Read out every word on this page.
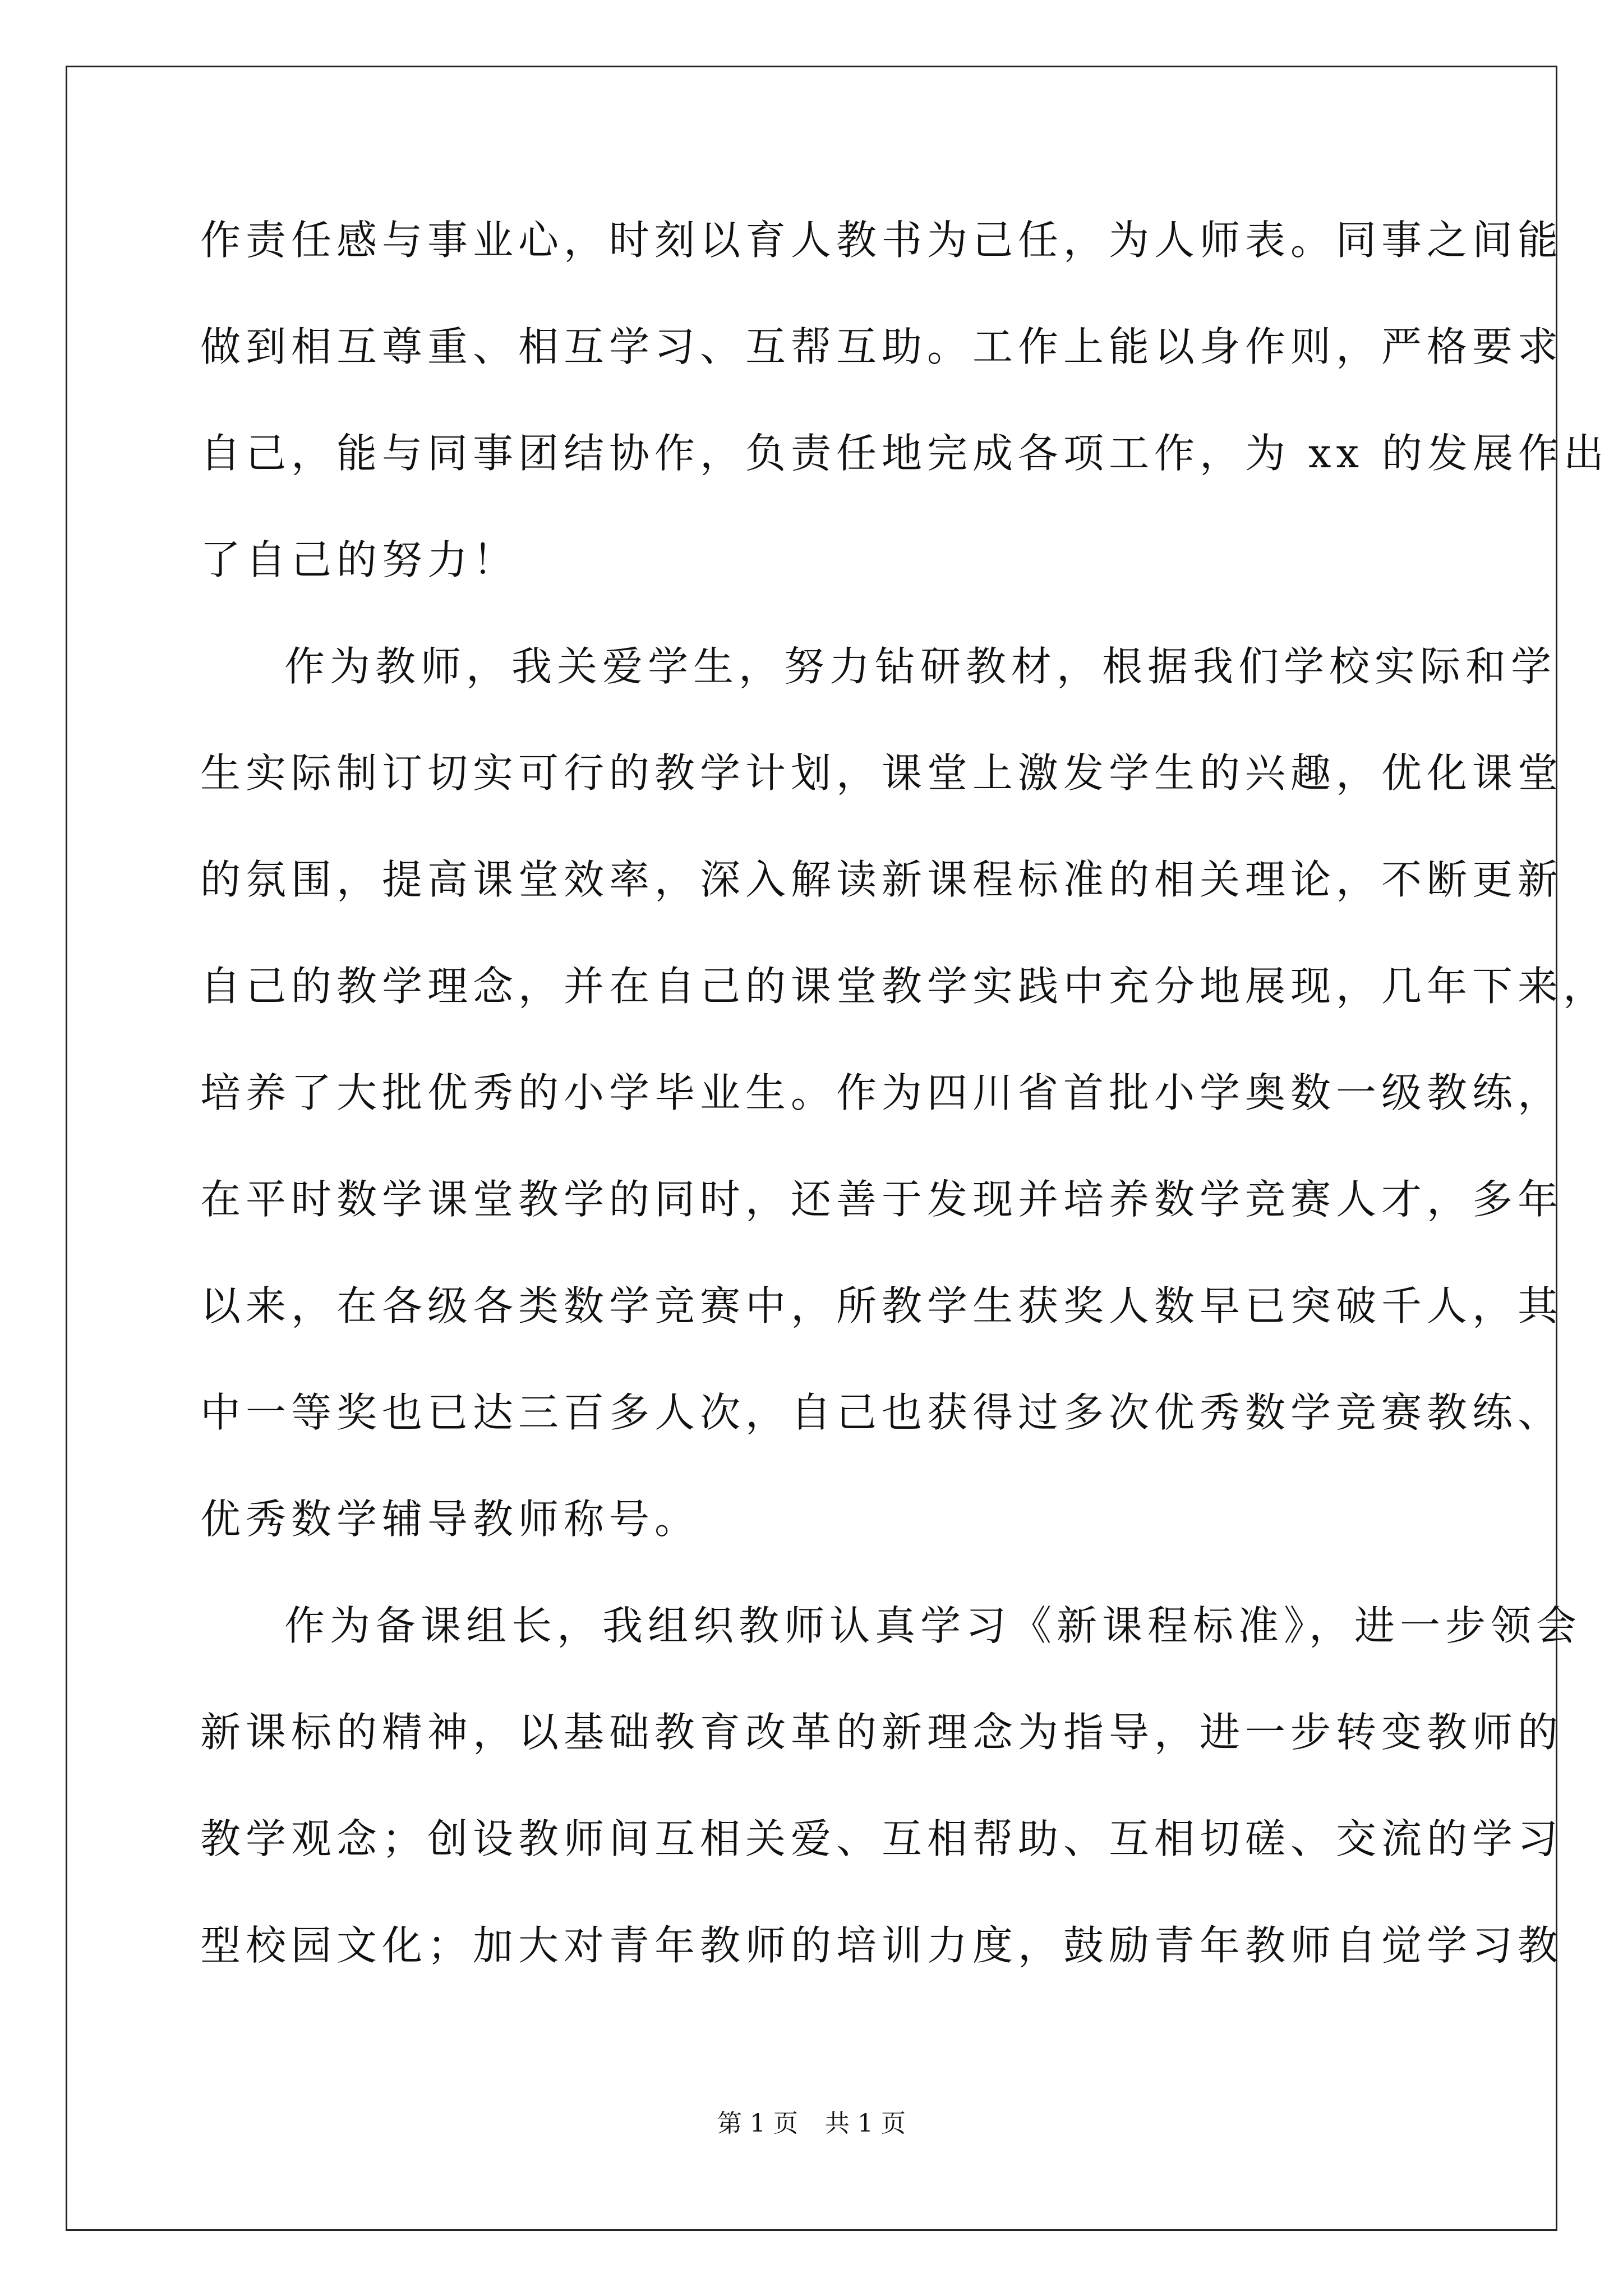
作责任感与事业心，时刻以育人教书为己任，为人师表。同事之间能
做到相互尊重、相互学习、互帮互助。工作上能以身作则，严格要求
自己，能与同事团结协作，负责任地完成各项工作，为 xx 的发展作出
了自己的努力！
作为教师，我关爱学生，努力钻研教材，根据我们学校实际和学
生实际制订切实可行的教学计划，课堂上激发学生的兴趣，优化课堂
的氛围，提高课堂效率，深入解读新课程标准的相关理论，不断更新
自己的教学理念，并在自己的课堂教学实践中充分地展现，几年下来，
培养了大批优秀的小学毕业生。作为四川省首批小学奥数一级教练，
在平时数学课堂教学的同时，还善于发现并培养数学竞赛人才，多年
以来，在各级各类数学竞赛中，所教学生获奖人数早已突破千人，其
中一等奖也已达三百多人次，自己也获得过多次优秀数学竞赛教练、
优秀数学辅导教师称号。
作为备课组长，我组织教师认真学习《新课程标准》，进一步领会
新课标的精神，以基础教育改革的新理念为指导，进一步转变教师的
教学观念；创设教师间互相关爱、互相帮助、互相切磋、交流的学习
型校园文化；加大对青年教师的培训力度，鼓励青年教师自觉学习教
第 1 页 共 1 页
